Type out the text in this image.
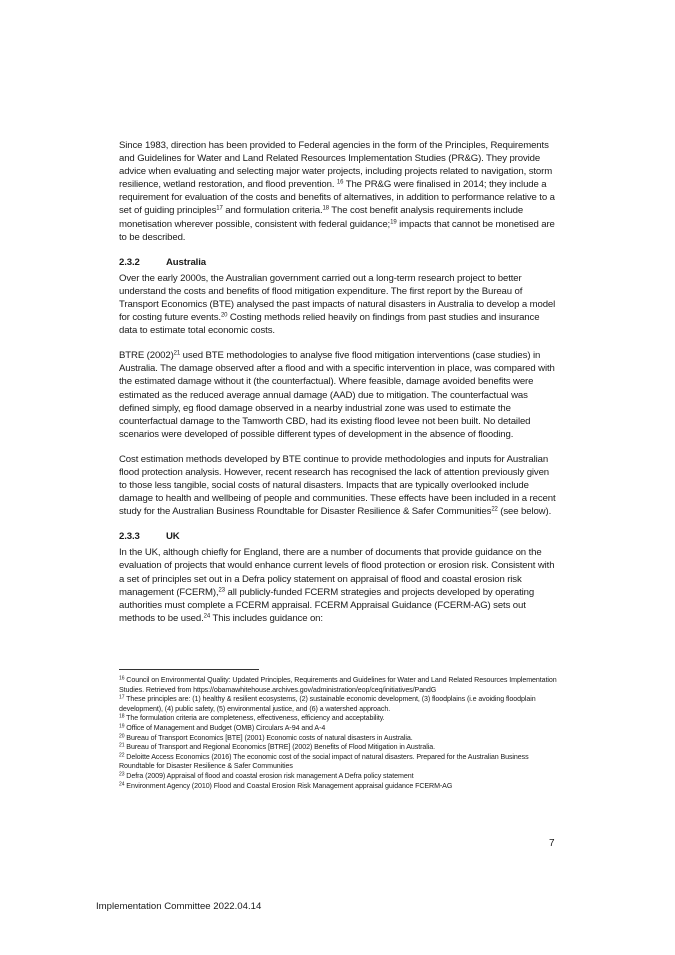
Since 1983, direction has been provided to Federal agencies in the form of the Principles, Requirements and Guidelines for Water and Land Related Resources Implementation Studies (PR&G). They provide advice when evaluating and selecting major water projects, including projects related to navigation, storm resilience, wetland restoration, and flood prevention. $^{16}$ The PR&G were finalised in 2014; they include a requirement for evaluation of the costs and benefits of alternatives, in addition to performance relative to a set of guiding principles$^{17}$ and formulation criteria.$^{18}$ The cost benefit analysis requirements include monetisation wherever possible, consistent with federal guidance;$^{19}$ impacts that cannot be monetised are to be described.

2.3.2	Australia

Over the early 2000s, the Australian government carried out a long-term research project to better understand the costs and benefits of flood mitigation expenditure. The first report by the Bureau of Transport Economics (BTE) analysed the past impacts of natural disasters in Australia to develop a model for costing future events.$^{20}$ Costing methods relied heavily on findings from past studies and insurance data to estimate total economic costs.

BTRE $(2002)^{21}$ used BTE methodologies to analyse five flood mitigation interventions (case studies) in Australia. The damage observed after a flood and with a specific intervention in place, was compared with the estimated damage without it (the counterfactual). Where feasible, damage avoided benefits were estimated as the reduced average annual damage (AAD) due to mitigation. The counterfactual was defined simply, eg flood damage observed in a nearby industrial zone was used to estimate the counterfactual damage to the Tamworth CBD, had its existing flood levee not been built. No detailed scenarios were developed of possible different types of development in the absence of flooding.

Cost estimation methods developed by BTE continue to provide methodologies and inputs for Australian flood protection analysis. However, recent research has recognised the lack of attention previously given to those less tangible, social costs of natural disasters. Impacts that are typically overlooked include damage to health and wellbeing of people and communities. These effects have been included in a recent study for the Australian Business Roundtable for Disaster Resilience & Safer Communities$^{22}$ (see below).

2.3.3	UK

In the UK, although chiefly for England, there are a number of documents that provide guidance on the evaluation of projects that would enhance current levels of flood protection or erosion risk. Consistent with a set of principles set out in a Defra policy statement on appraisal of flood and coastal erosion risk management (FCERM),$^{23}$ all publicly-funded FCERM strategies and projects developed by operating authorities must complete a FCERM appraisal. FCERM Appraisal Guidance (FCERM-AG) sets out methods to be used.$^{24}$ This includes guidance on:

$^{16}$ Council on Environmental Quality: Updated Principles, Requirements and Guidelines for Water and Land Related Resources Implementation Studies. Retrieved from https://obamawhitehouse.archives.gov/administration/eop/ceq/initiatives/PandG

$^{17}$ These principles are: (1) healthy & resilient ecosystems, (2) sustainable economic development, (3) floodplains (i.e avoiding floodplain development), (4) public safety, (5) environmental justice, and (6) a watershed approach.

$^{18}$ The formulation criteria are completeness, effectiveness, efficiency and acceptability.

$^{19}$ Office of Management and Budget (OMB) Circulars A-94 and A-4

$^{20}$ Bureau of Transport Economics [BTE] (2001) Economic costs of natural disasters in Australia.

$^{21}$ Bureau of Transport and Regional Economics [BTRE] (2002) Benefits of Flood Mitigation in Australia.

$^{22}$ Deloitte Access Economics (2016) The economic cost of the social impact of natural disasters. Prepared for the Australian Business Roundtable for Disaster Resilience & Safer Communities

$^{23}$ Defra (2009) Appraisal of flood and coastal erosion risk management A Defra policy statement

$^{24}$ Environment Agency (2010) Flood and Coastal Erosion Risk Management appraisal guidance FCERM-AG

7
Implementation Committee 2022.04.14
